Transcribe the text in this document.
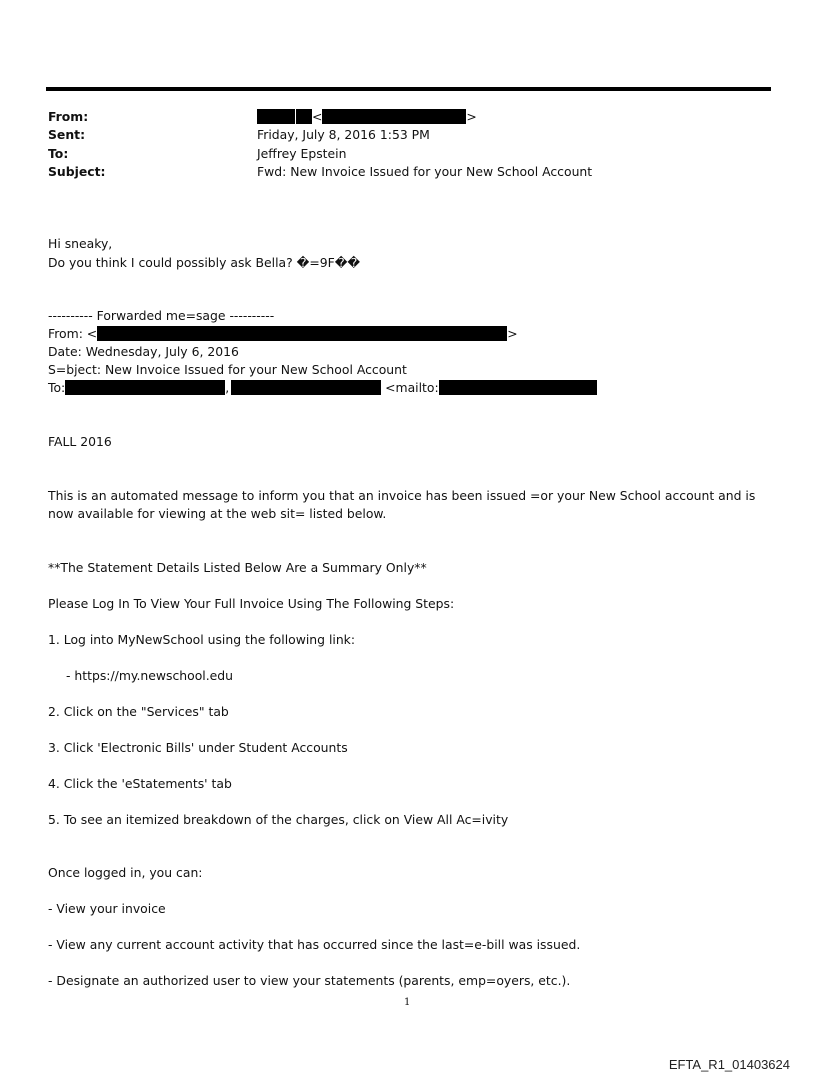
From:	<	>
Sent:	Friday, July 8, 2016 1:53 PM
To:	Jeffrey Epstein
Subject:	Fwd: New Invoice Issued for your New School Account
Hi sneaky,
Do you think I could possibly ask Bella? �=9F��
---------- Forwarded me=sage ----------
From: <	>
Date: Wednesday, July 6, 2016
S=bject: New Invoice Issued for your New School Account
To:	,	<mailto:
FALL 2016
This is an automated message to inform you that an invoice has been issued =or your New School account and is now available for viewing at the web sit= listed below.
**The Statement Details Listed Below Are a Summary Only**
Please Log In To View Your Full Invoice Using The Following Steps:
1. Log into MyNewSchool using the following link:
- https://my.newschool.edu
2. Click on the "Services" tab
3. Click 'Electronic Bills' under Student Accounts
4. Click the 'eStatements' tab
5. To see an itemized breakdown of the charges, click on View All Ac=ivity
Once logged in, you can:
- View your invoice
- View any current account activity that has occurred since the last=e-bill was issued.
- Designate an authorized user to view your statements (parents, emp=oyers, etc.).
1
EFTA_R1_01403624
